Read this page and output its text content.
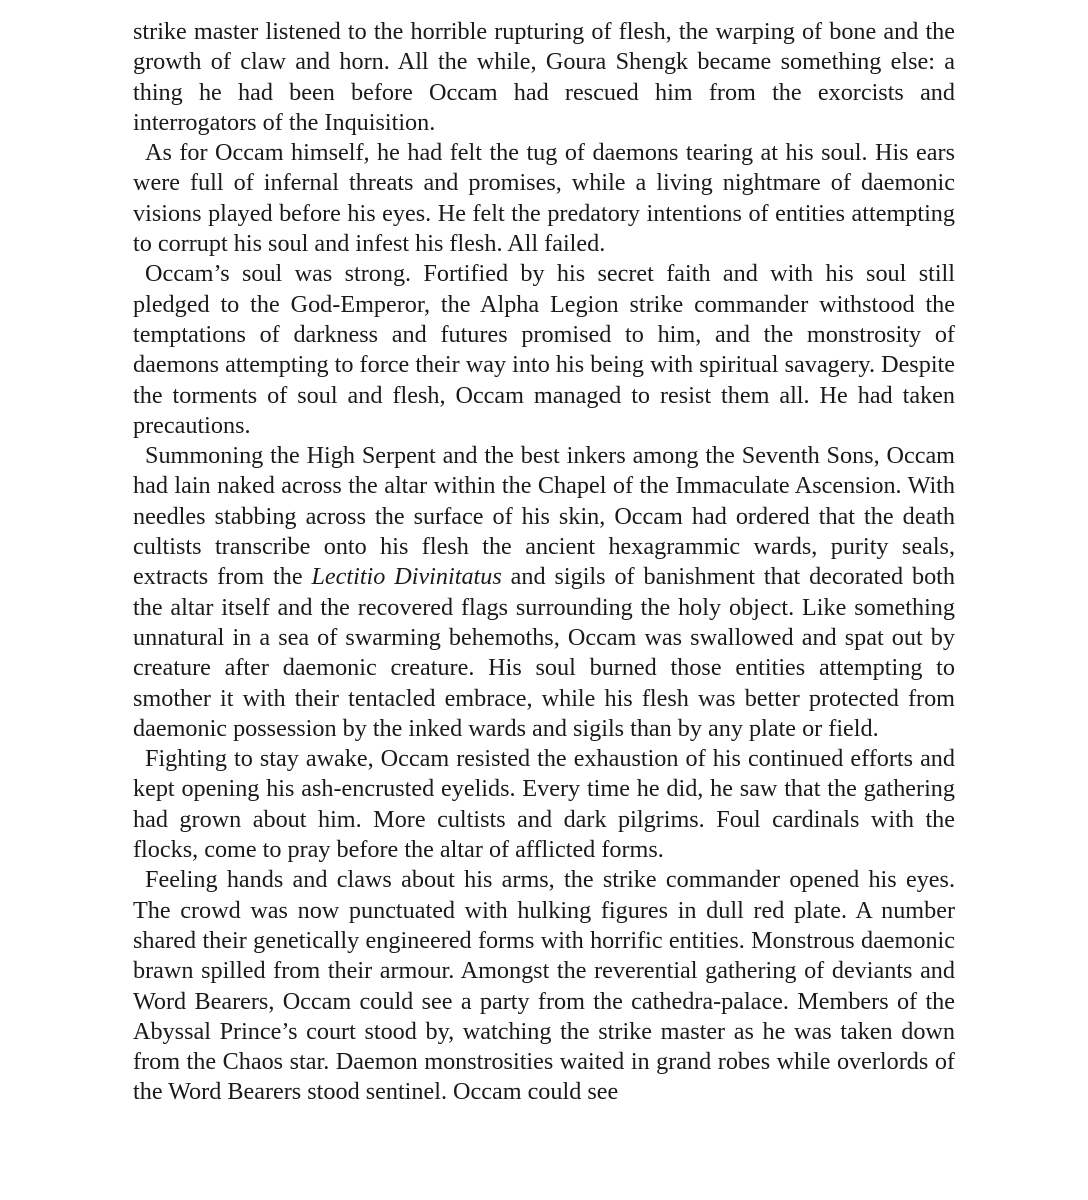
strike master listened to the horrible rupturing of flesh, the warping of bone and the growth of claw and horn. All the while, Goura Shengk became something else: a thing he had been before Occam had rescued him from the exorcists and interrogators of the Inquisition.

As for Occam himself, he had felt the tug of daemons tearing at his soul. His ears were full of infernal threats and promises, while a living nightmare of daemonic visions played before his eyes. He felt the predatory intentions of entities attempting to corrupt his soul and infest his flesh. All failed.

Occam’s soul was strong. Fortified by his secret faith and with his soul still pledged to the God-Emperor, the Alpha Legion strike commander withstood the temptations of darkness and futures promised to him, and the monstrosity of daemons attempting to force their way into his being with spiritual savagery. Despite the torments of soul and flesh, Occam managed to resist them all. He had taken precautions.

Summoning the High Serpent and the best inkers among the Seventh Sons, Occam had lain naked across the altar within the Chapel of the Immaculate Ascension. With needles stabbing across the surface of his skin, Occam had ordered that the death cultists transcribe onto his flesh the ancient hexagrammic wards, purity seals, extracts from the Lectitio Divinitatus and sigils of banishment that decorated both the altar itself and the recovered flags surrounding the holy object. Like something unnatural in a sea of swarming behemoths, Occam was swallowed and spat out by creature after daemonic creature. His soul burned those entities attempting to smother it with their tentacled embrace, while his flesh was better protected from daemonic possession by the inked wards and sigils than by any plate or field.

Fighting to stay awake, Occam resisted the exhaustion of his continued efforts and kept opening his ash-encrusted eyelids. Every time he did, he saw that the gathering had grown about him. More cultists and dark pilgrims. Foul cardinals with the flocks, come to pray before the altar of afflicted forms.

Feeling hands and claws about his arms, the strike commander opened his eyes. The crowd was now punctuated with hulking figures in dull red plate. A number shared their genetically engineered forms with horrific entities. Monstrous daemonic brawn spilled from their armour. Amongst the reverential gathering of deviants and Word Bearers, Occam could see a party from the cathedra-palace. Members of the Abyssal Prince’s court stood by, watching the strike master as he was taken down from the Chaos star. Daemon monstrosities waited in grand robes while overlords of the Word Bearers stood sentinel. Occam could see
